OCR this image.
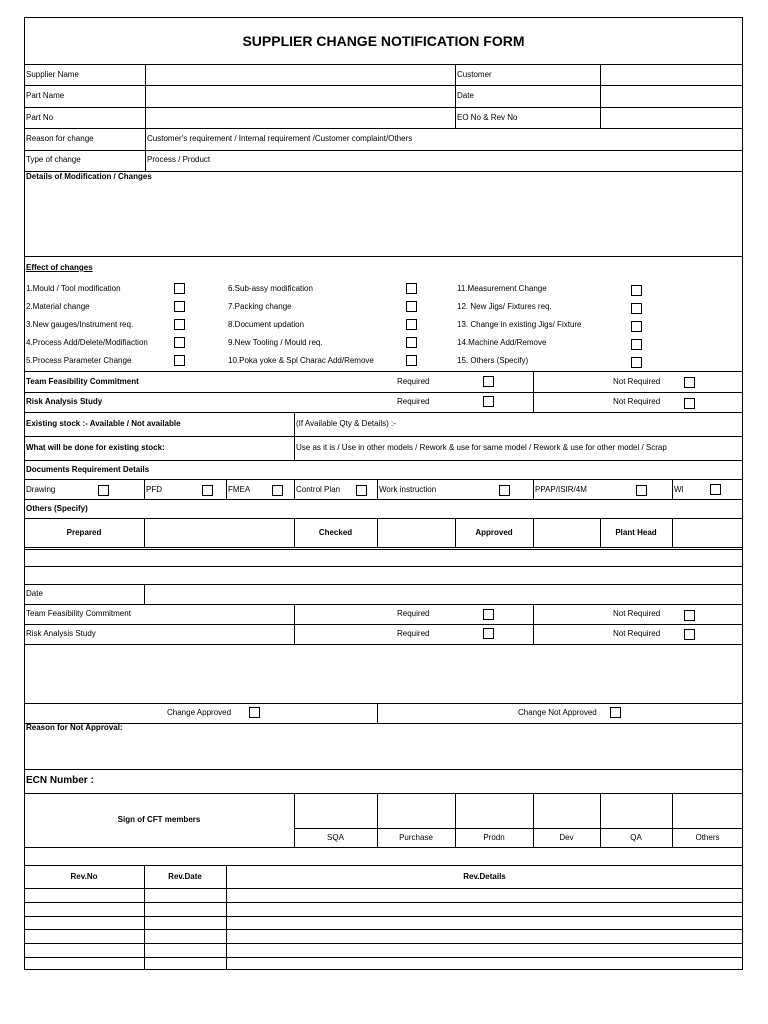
SUPPLIER CHANGE NOTIFICATION FORM
Supplier Name	Customer
Part Name	Date
Part No	EO No & Rev No
Reason for change	Customer's requirement / Internal requirement /Customer complaint/Others
Type of change	Process / Product
Details of Modification / Changes
Effect of changes
1.Mould / Tool modification
2.Material change
3.New gauges/Instrument req.
4.Process Add/Delete/Modifiaction
5.Process Parameter Change
6.Sub-assy modification
7.Packing change
8.Document updation
9.New Tooling / Mould req.
10.Poka yoke & Spl Charac Add/Remove
11.Measurement Change
12. New Jigs/ Fixtures req.
13. Change in existing Jigs/ Fixture
14.Machine Add/Remove
15. Others (Specify)
Team Feasibility Commitment	Required	Not Required
Risk Analysis Study	Required	Not Required
Existing stock :- Available / Not available	(If Available Qty & Details) :-
What will be done for existing stock:	Use as it is / Use in other models / Rework & use for same model / Rework & use for other model / Scrap
Documents Requirement Details
Drawing	PFD	FMEA	Control Plan	Work instruction	PPAP/ISIR/4M	WI
Others (Specify)
Prepared	Checked	Approved	Plant Head
Date
Team Feasibility Commitment	Required	Not Required
Risk Analysis Study	Required	Not Required
Change Approved	Change Not Approved
Reason for Not Approval:
ECN Number :
Sign of CFT members
SQA	Purchase	Prodn	Dev	QA	Others
Rev.No	Rev.Date	Rev.Details
